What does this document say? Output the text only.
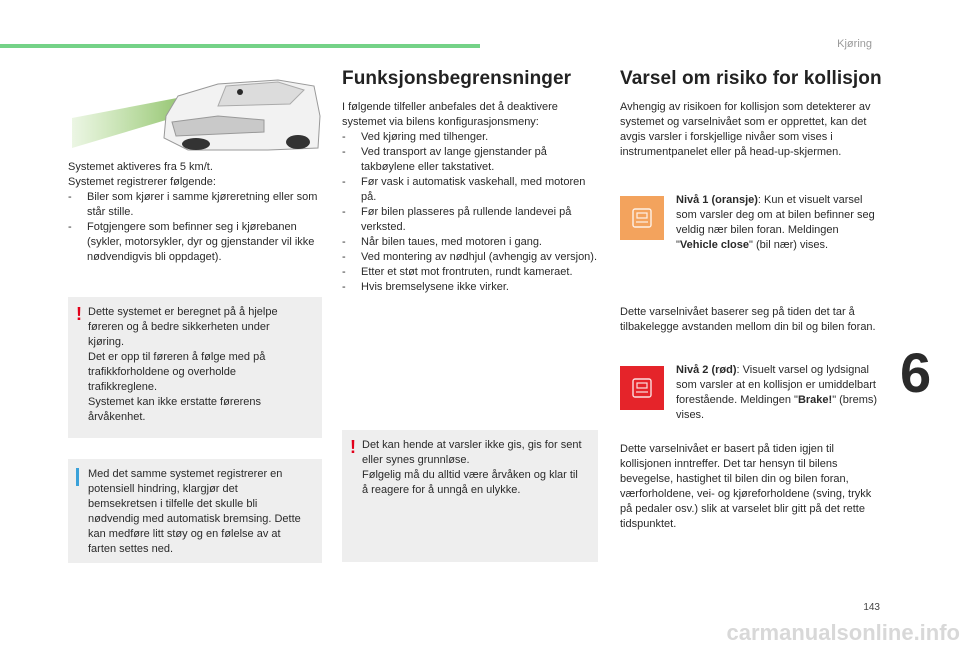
Kjøring
6
143
carmanualsonline.info

Systemet aktiveres fra 5 km/t.

Systemet registrerer følgende:

- Biler som kjører i samme kjøreretning eller som står stille.
- Fotgjengere som befinner seg i kjørebanen (sykler, motorsykler, dyr og gjenstander vil ikke nødvendigvis bli oppdaget).
! Dette systemet er beregnet på å hjelpe føreren og å bedre sikkerheten under kjøring.

Det er opp til føreren å følge med på trafikkforholdene og overholde trafikkreglene.

Systemet kan ikke erstatte førerens årvåkenhet.

Med det samme systemet registrerer en potensiell hindring, klargjør det bemsekretsen i tilfelle det skulle bli nødvendig med automatisk bremsing. Dette kan medføre litt støy og en følelse av at farten settes ned.

Funksjonsbegrensninger

I følgende tilfeller anbefales det å deaktivere systemet via bilens konfigurasjonsmeny:

- Ved kjøring med tilhenger.
- Ved transport av lange gjenstander på takbøylene eller takstativet.
- Før vask i automatisk vaskehall, med motoren på.
- Før bilen plasseres på rullende landevei på verksted.
- Når bilen taues, med motoren i gang.
- Ved montering av nødhjul (avhengig av versjon).
- Etter et støt mot frontruten, rundt kameraet.
- Hvis bremselysene ikke virker.
! Det kan hende at varsler ikke gis, gis for sent eller synes grunnløse.

Følgelig må du alltid være årvåken og klar til å reagere for å unngå en ulykke.

Varsel om risiko for kollisjon
Avhengig av risikoen for kollisjon som detekterer av systemet og varselnivået som er opprettet, kan det avgis varsler i forskjellige nivåer som vises i instrumentpanelet eller på head-up-skjermen.
Nivå 1 (oransje): Kun et visuelt varsel som varsler deg om at bilen befinner seg veldig nær bilen foran. Meldingen "Vehicle close" (bil nær) vises.
Dette varselnivået baserer seg på tiden det tar å tilbakelegge avstanden mellom din bil og bilen foran.
Nivå 2 (rød): Visuelt varsel og lydsignal som varsler at en kollisjon er umiddelbart forestående. Meldingen "Brake!" (brems) vises.
Dette varselnivået er basert på tiden igjen til kollisjonen inntreffer. Det tar hensyn til bilens bevegelse, hastighet til bilen din og bilen foran, værforholdene, vei- og kjøreforholdene (sving, trykk på pedaler osv.) slik at varselet blir gitt på det rette tidspunktet.
